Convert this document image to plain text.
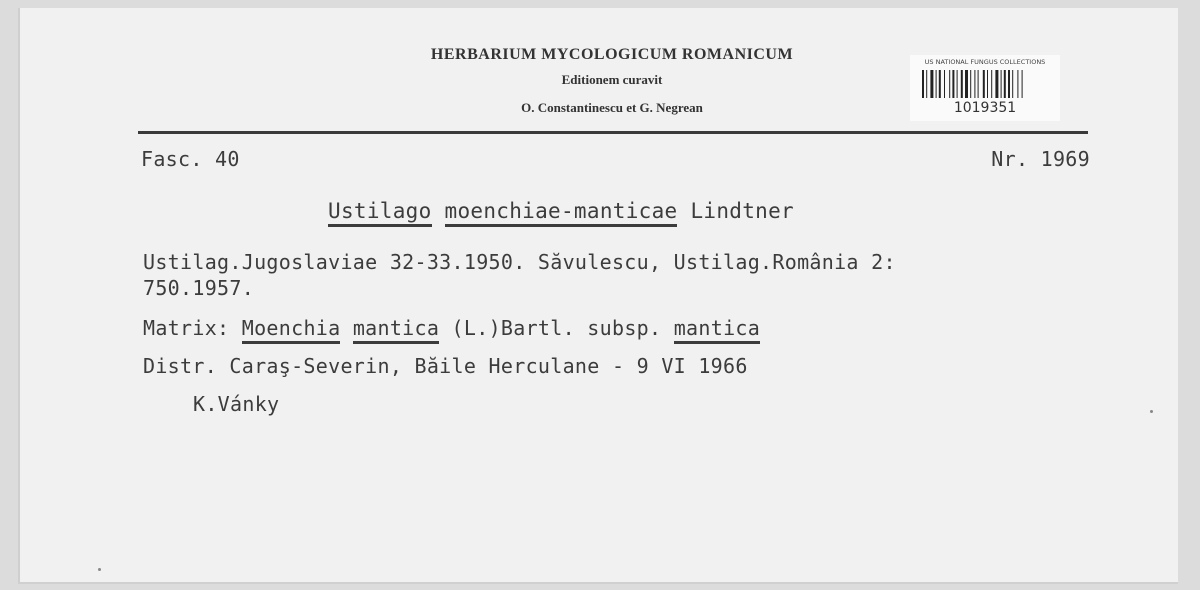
HERBARIUM MYCOLOGICUM ROMANICUM
Editionem curavit
O. Constantinescu et G. Negrean
US NATIONAL FUNGUS COLLECTIONS
1019351
Fasc. 40	Nr. 1969
Ustilago moenchiae-manticae Lindtner
Ustilag.Jugoslaviae 32-33.1950. Săvulescu, Ustilag.România 2:
750.1957.
Matrix: Moenchia mantica (L.)Bartl. subsp. mantica
Distr. Caraş-Severin, Băile Herculane - 9 VI 1966
K.Vánky
